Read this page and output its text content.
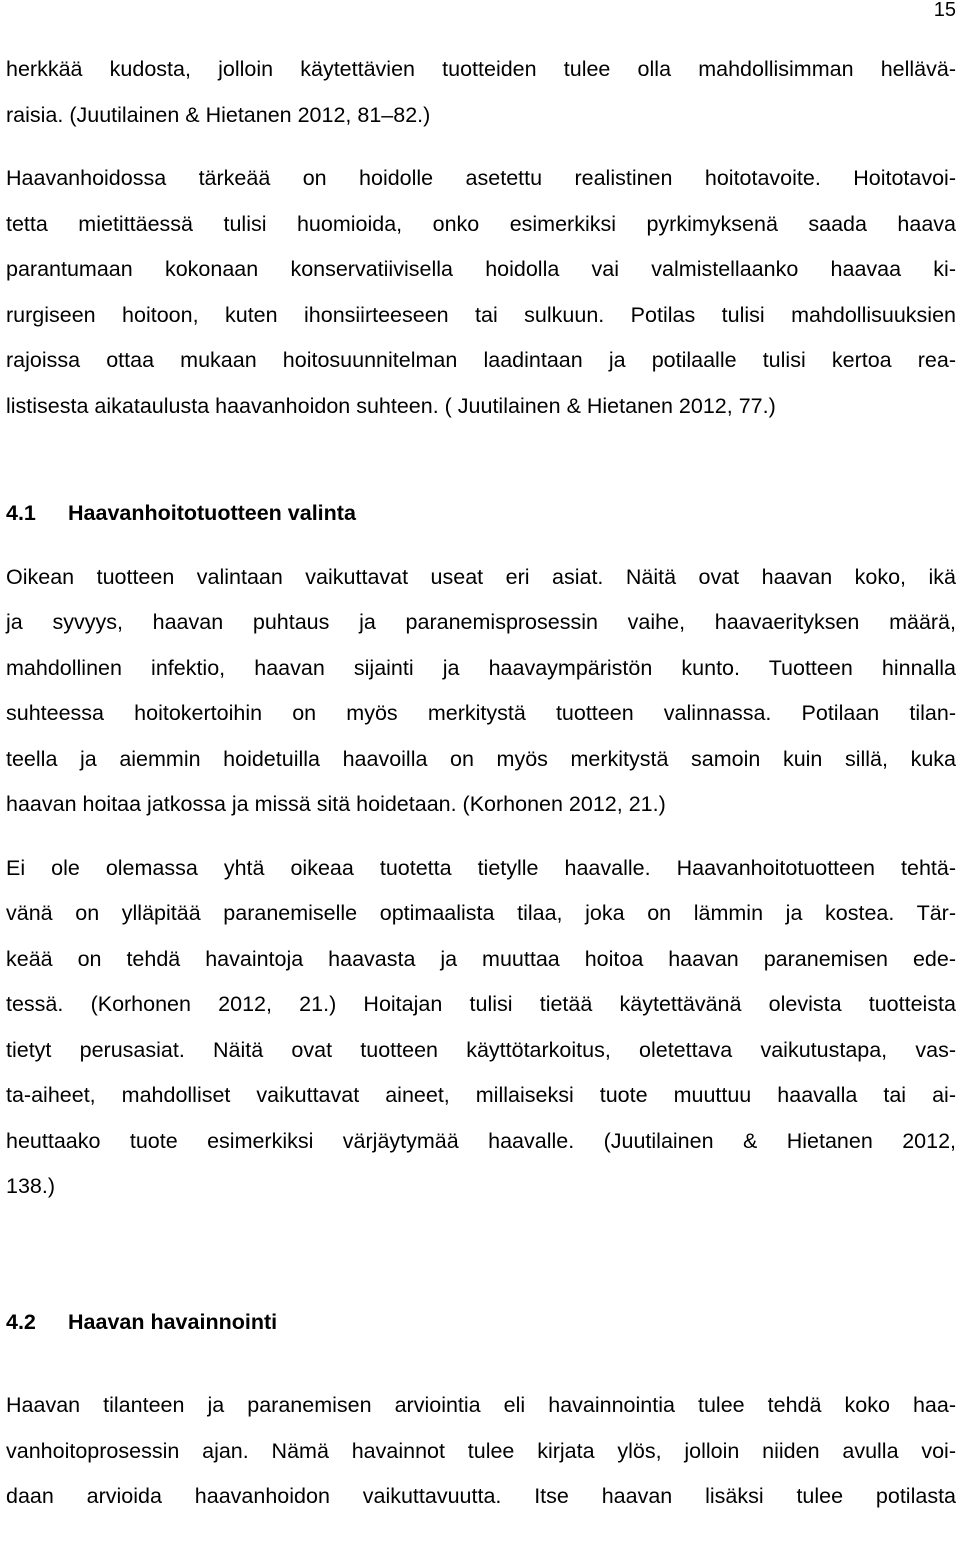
15
herkkää kudosta, jolloin käytettävien tuotteiden tulee olla mahdollisimman hellävä-
raisia. (Juutilainen & Hietanen 2012, 81–82.)
Haavanhoidossa tärkeää on hoidolle asetettu realistinen hoitotavoite. Hoitotavoi-
tetta mietittäessä tulisi huomioida, onko esimerkiksi pyrkimyksenä saada haava
parantumaan kokonaan konservatiivisella hoidolla vai valmistellaanko haavaa ki-
rurgiseen hoitoon, kuten ihonsiirteeseen tai sulkuun. Potilas tulisi mahdollisuuksien
rajoissa ottaa mukaan hoitosuunnitelman laadintaan ja potilaalle tulisi kertoa rea-
listisesta aikataulusta haavanhoidon suhteen. ( Juutilainen & Hietanen 2012, 77.)
4.1 Haavanhoitotuotteen valinta
Oikean tuotteen valintaan vaikuttavat useat eri asiat. Näitä ovat haavan koko, ikä
ja syvyys, haavan puhtaus ja paranemisprosessin vaihe, haavaerityksen määrä,
mahdollinen infektio, haavan sijainti ja haavaympäristön kunto. Tuotteen hinnalla
suhteessa hoitokertoihin on myös merkitystä tuotteen valinnassa. Potilaan tilan-
teella ja aiemmin hoidetuilla haavoilla on myös merkitystä samoin kuin sillä, kuka
haavan hoitaa jatkossa ja missä sitä hoidetaan. (Korhonen 2012, 21.)
Ei ole olemassa yhtä oikeaa tuotetta tietylle haavalle. Haavanhoitotuotteen tehtä-
vänä on ylläpitää paranemiselle optimaalista tilaa, joka on lämmin ja kostea. Tär-
keää on tehdä havaintoja haavasta ja muuttaa hoitoa haavan paranemisen ede-
tessä. (Korhonen 2012, 21.) Hoitajan tulisi tietää käytettävänä olevista tuotteista
tietyt perusasiat. Näitä ovat tuotteen käyttötarkoitus, oletettava vaikutustapa, vas-
ta-aiheet, mahdolliset vaikuttavat aineet, millaiseksi tuote muuttuu haavalla tai ai-
heuttaako tuote esimerkiksi värjäytymää haavalle. (Juutilainen & Hietanen 2012,
138.)
4.2 Haavan havainnointi
Haavan tilanteen ja paranemisen arviointia eli havainnointia tulee tehdä koko haa-
vanhoitoprosessin ajan. Nämä havainnot tulee kirjata ylös, jolloin niiden avulla voi-
daan arvioida haavanhoidon vaikuttavuutta. Itse haavan lisäksi tulee potilasta
